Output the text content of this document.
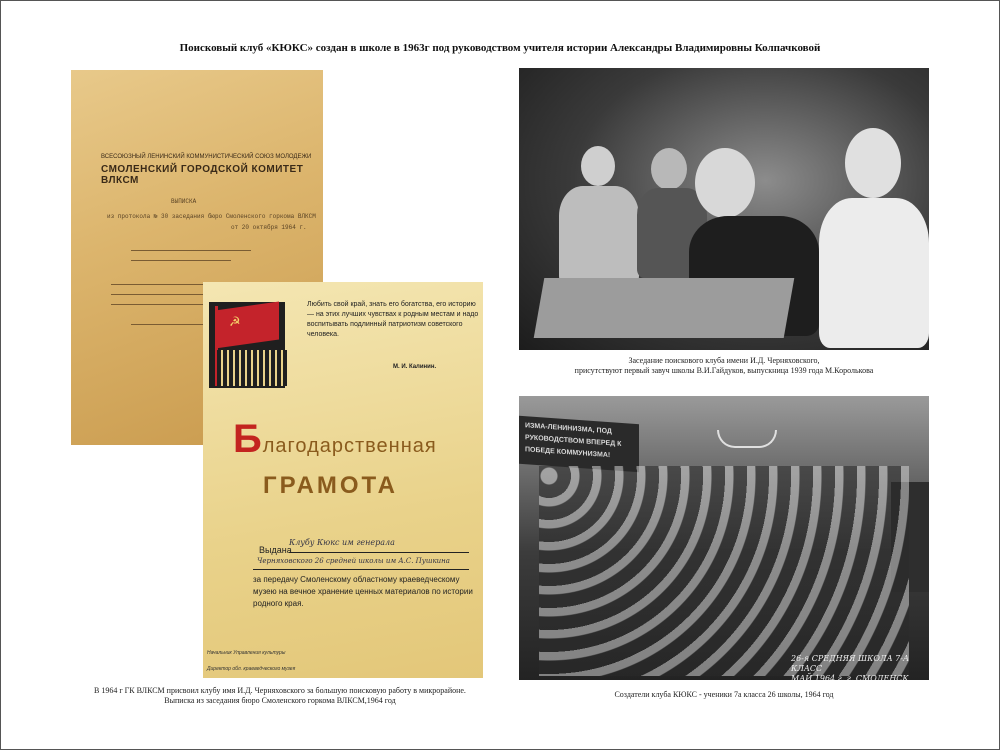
Поисковый клуб «КЮКС» создан в школе в 1963г под руководством учителя истории Александры Владимировны Колпачковой
ВСЕСОЮЗНЫЙ ЛЕНИНСКИЙ КОММУНИСТИЧЕСКИЙ СОЮЗ МОЛОДЕЖИ
СМОЛЕНСКИЙ ГОРОДСКОЙ КОМИТЕТ ВЛКСМ
ВЫПИСКА
из протокола № 30 заседания бюро Смоленского горкома ВЛКСМ
от 20 октября 1964 г.
☭
Любить свой край, знать его богатства, его историю — на этих лучших чувствах к родным местам и надо воспитывать подлинный патриотизм советского человека.
М. И. Калинин.
Благодарственная
ГРАМОТА
Выдана
Клубу Кюкс им генерала
Черняховского 26 средней школы им А.С. Пушкина
за передачу Смоленскому областному краеведческому музею на вечное хранение ценных материалов по истории родного края.
Начальник Управления культуры
Директор обл. краеведческого музея
Заседание поискового клуба имени И.Д. Черняховского,
присутствуют первый завуч школы В.И.Гайдуков, выпускница 1939 года М.Королькова
ИЗМА-ЛЕНИНИЗМА, ПОД РУКОВОДСТВОМ ВПЕРЕД К ПОБЕДЕ КОММУНИЗМА!
26-я СРЕДНЯЯ ШКОЛА 7-А КЛАСС
МАЙ 1964 г. г. СМОЛЕНСК
В 1964 г ГК ВЛКСМ присвоил клубу имя И.Д. Черняховского за большую поисковую работу в микрорайоне.
Выписка из заседания бюро Смоленского горкома ВЛКСМ,1964 год
Создатели клуба КЮКС - ученики 7а класса 26 школы, 1964 год
